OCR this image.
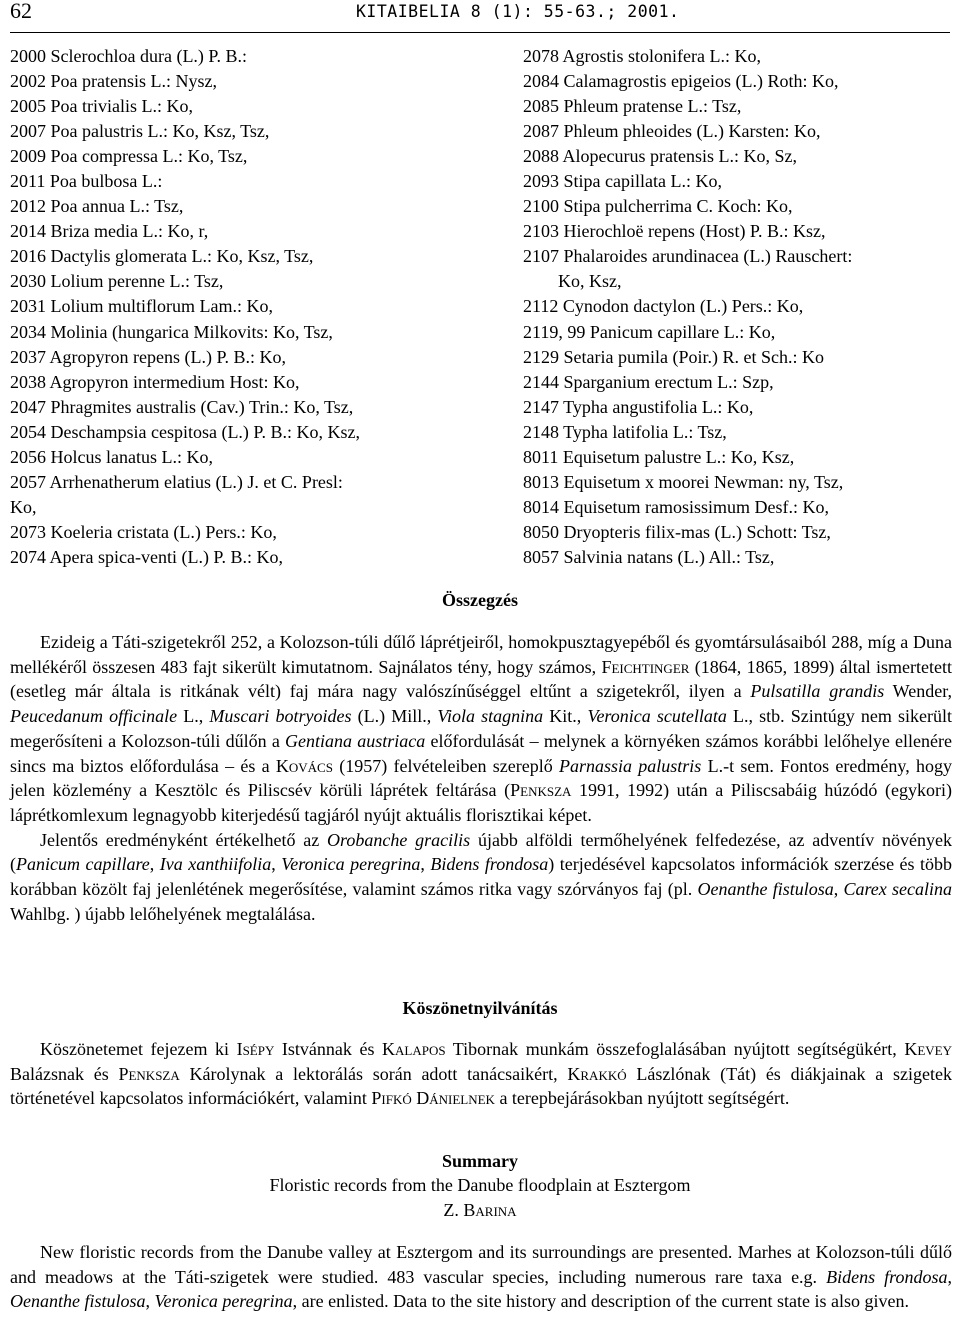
62	KITAIBELIA 8 (1): 55-63.; 2001.
2000 Sclerochloa dura (L.) P. B.:
2002 Poa pratensis L.: Nysz,
2005 Poa trivialis L.: Ko,
2007 Poa palustris L.: Ko, Ksz, Tsz,
2009 Poa compressa L.: Ko, Tsz,
2011 Poa bulbosa L.:
2012 Poa annua L.: Tsz,
2014 Briza media L.: Ko, r,
2016 Dactylis glomerata L.: Ko, Ksz, Tsz,
2030 Lolium perenne L.: Tsz,
2031 Lolium multiflorum Lam.: Ko,
2034 Molinia (hungarica Milkovits: Ko, Tsz,
2037 Agropyron repens (L.) P. B.: Ko,
2038 Agropyron intermedium Host: Ko,
2047 Phragmites australis (Cav.) Trin.: Ko, Tsz,
2054 Deschampsia cespitosa (L.) P. B.: Ko, Ksz,
2056 Holcus lanatus L.: Ko,
2057 Arrhenatherum elatius (L.) J. et C. Presl:
Ko,
2073 Koeleria cristata (L.) Pers.: Ko,
2074 Apera spica-venti (L.) P. B.: Ko,
2078 Agrostis stolonifera L.: Ko,
2084 Calamagrostis epigeios (L.) Roth: Ko,
2085 Phleum pratense L.: Tsz,
2087 Phleum phleoides (L.) Karsten: Ko,
2088 Alopecurus pratensis L.: Ko, Sz,
2093 Stipa capillata L.: Ko,
2100 Stipa pulcherrima C. Koch: Ko,
2103 Hierochloë repens (Host) P. B.: Ksz,
2107 Phalaroides arundinacea (L.) Rauschert:
Ko, Ksz,
2112 Cynodon dactylon (L.) Pers.: Ko,
2119, 99 Panicum capillare L.: Ko,
2129 Setaria pumila (Poir.) R. et Sch.: Ko
2144 Sparganium erectum L.: Szp,
2147 Typha angustifolia L.: Ko,
2148 Typha latifolia L.: Tsz,
8011 Equisetum palustre L.: Ko, Ksz,
8013 Equisetum x moorei Newman: ny, Tsz,
8014 Equisetum ramosissimum Desf.: Ko,
8050 Dryopteris filix-mas (L.) Schott: Tsz,
8057 Salvinia natans (L.) All.: Tsz,
Összegzés

Ezideig a Táti-szigetekről 252, a Kolozson-túli dűlő láprétjeiről, homokpusztagyepéből és gyomtársulásaiból 288, míg a Duna mellékéről összesen 483 fajt sikerült kimutatnom. Sajnálatos tény, hogy számos, Feichtinger (1864, 1865, 1899) által ismertetett (esetleg már általa is ritkának vélt) faj mára nagy valószínűséggel eltűnt a szigetekről, ilyen a Pulsatilla grandis Wender, Peucedanum officinale L., Muscari botryoides (L.) Mill., Viola stagnina Kit., Veronica scutellata L., stb. Szintúgy nem sikerült megerősíteni a Kolozson-túli dűlőn a Gentiana austriaca előfordulását – melynek a környéken számos korábbi lelőhelye ellenére sincs ma biztos előfordulása – és a Kovács (1957) felvételeiben szereplő Parnassia palustris L.-t sem. Fontos eredmény, hogy jelen közlemény a Kesztölc és Piliscsév körüli láprétek feltárása (Penksza 1991, 1992) után a Piliscsabáig húzódó (egykori) láprétkomlexum legnagyobb kiterjedésű tagjáról nyújt aktuális florisztikai képet.

Jelentős eredményként értékelhető az Orobanche gracilis újabb alföldi termőhelyének felfedezése, az adventív növények (Panicum capillare, Iva xanthiifolia, Veronica peregrina, Bidens frondosa) terjedésével kapcsolatos információk szerzése és több korábban közölt faj jelenlétének megerősítése, valamint számos ritka vagy szórványos faj (pl. Oenanthe fistulosa, Carex secalina Wahlbg. ) újabb lelőhelyének megtalálása.

Köszönetnyilvánítás

Köszönetemet fejezem ki Isépy Istvánnak és Kalapos Tibornak munkám összefoglalásában nyújtott segítségükért, Kevey Balázsnak és Penksza Károlynak a lektorálás során adott tanácsaikért, Krakkó Lászlónak (Tát) és diákjainak a szigetek történetével kapcsolatos információkért, valamint Pifkó Dánielnek a terepbejárásokban nyújtott segítségért.

Summary
Floristic records from the Danube floodplain at Esztergom
Z. Barina

New floristic records from the Danube valley at Esztergom and its surroundings are presented. Marhes at Kolozson-túli dűlő and meadows at the Táti-szigetek were studied. 483 vascular species, including numerous rare taxa e.g. Bidens frondosa, Oenanthe fistulosa, Veronica peregrina, are enlisted. Data to the site history and description of the current state is also given.
